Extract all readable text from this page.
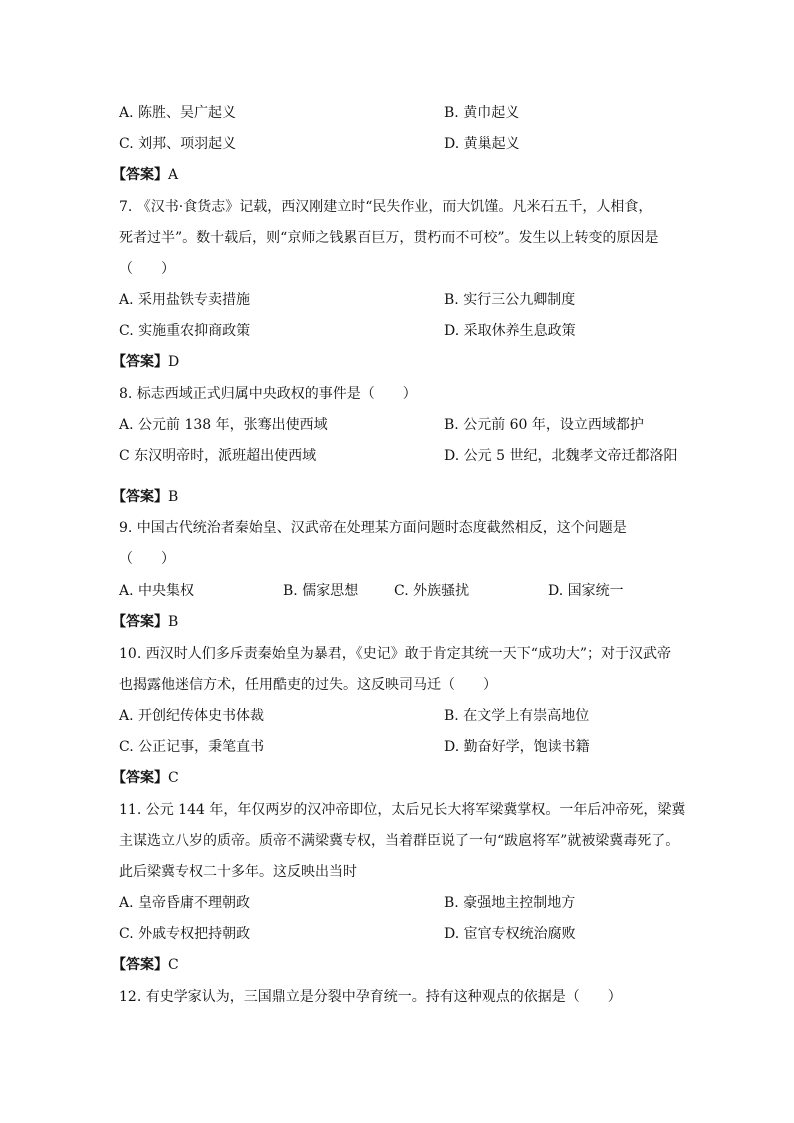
A. 陈胜、吴广起义	B. 黄巾起义
C. 刘邦、项羽起义	D. 黄巢起义
【答案】A
7. 《汉书·食货志》记载，西汉刚建立时“民失作业，而大饥馑。凡米石五千，人相食，
死者过半”。数十载后，则“京师之钱累百巨万，贯朽而不可校”。发生以上转变的原因是
（　　）
A. 采用盐铁专卖措施	B. 实行三公九卿制度
C. 实施重农抑商政策	D. 采取休养生息政策
【答案】D
8. 标志西域正式归属中央政权的事件是（　　）
A. 公元前 138 年，张骞出使西域	B. 公元前 60 年，设立西域都护
C 东汉明帝时，派班超出使西域	D. 公元 5 世纪，北魏孝文帝迁都洛阳
【答案】B
9. 中国古代统治者秦始皇、汉武帝在处理某方面问题时态度截然相反，这个问题是
（　　）
A. 中央集权	B. 儒家思想	C. 外族骚扰	D. 国家统一
【答案】B
10. 西汉时人们多斥责秦始皇为暴君，《史记》敢于肯定其统一天下“成功大”；对于汉武帝
也揭露他迷信方术，任用酷吏的过失。这反映司马迁（　　）
A. 开创纪传体史书体裁	B. 在文学上有崇高地位
C. 公正记事，秉笔直书	D. 勤奋好学，饱读书籍
【答案】C
11. 公元 144 年，年仅两岁的汉冲帝即位，太后兄长大将军梁冀掌权。一年后冲帝死，梁冀
主谋选立八岁的质帝。质帝不满梁冀专权，当着群臣说了一句“跋扈将军”就被梁冀毒死了。
此后梁冀专权二十多年。这反映出当时
A. 皇帝昏庸不理朝政	B. 豪强地主控制地方
C. 外戚专权把持朝政	D. 宦官专权统治腐败
【答案】C
12. 有史学家认为，三国鼎立是分裂中孕育统一。持有这种观点的依据是（　　）
